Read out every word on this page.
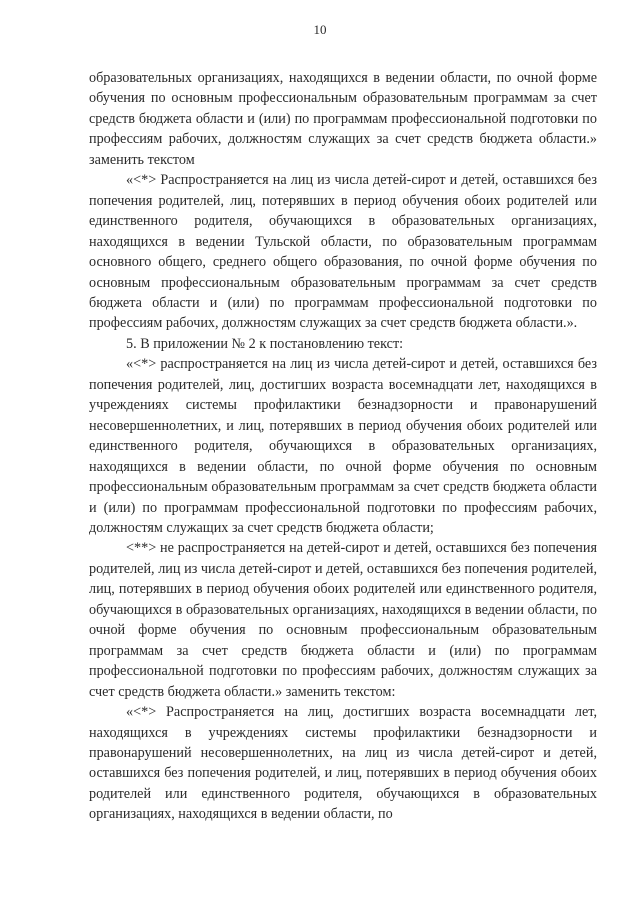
10

образовательных организациях, находящихся в ведении области, по очной форме обучения по основным профессиональным образовательным программам за счет средств бюджета области и (или) по программам профессиональной подготовки по профессиям рабочих, должностям служащих за счет средств бюджета области.» заменить текстом

«<*> Распространяется на лиц из числа детей-сирот и детей, оставшихся без попечения родителей, лиц, потерявших в период обучения обоих родителей или единственного родителя, обучающихся в образовательных организациях, находящихся в ведении Тульской области, по образовательным программам основного общего, среднего общего образования, по очной форме обучения по основным профессиональным образовательным программам за счет средств бюджета области и (или) по программам профессиональной подготовки по профессиям рабочих, должностям служащих за счет средств бюджета области.».

5. В приложении № 2 к постановлению текст:

«<*> распространяется на лиц из числа детей-сирот и детей, оставшихся без попечения родителей, лиц, достигших возраста восемнадцати лет, находящихся в учреждениях системы профилактики безнадзорности и правонарушений несовершеннолетних, и лиц, потерявших в период обучения обоих родителей или единственного родителя, обучающихся в образовательных организациях, находящихся в ведении области, по очной форме обучения по основным профессиональным образовательным программам за счет средств бюджета области и (или) по программам профессиональной подготовки по профессиям рабочих, должностям служащих за счет средств бюджета области;

<**> не распространяется на детей-сирот и детей, оставшихся без попечения родителей, лиц из числа детей-сирот и детей, оставшихся без попечения родителей, лиц, потерявших в период обучения обоих родителей или единственного родителя, обучающихся в образовательных организациях, находящихся в ведении области, по очной форме обучения по основным профессиональным образовательным программам за счет средств бюджета области и (или) по программам профессиональной подготовки по профессиям рабочих, должностям служащих за счет средств бюджета области.» заменить текстом:

«<*> Распространяется на лиц, достигших возраста восемнадцати лет, находящихся в учреждениях системы профилактики безнадзорности и правонарушений несовершеннолетних, на лиц из числа детей-сирот и детей, оставшихся без попечения родителей, и лиц, потерявших в период обучения обоих родителей или единственного родителя, обучающихся в образовательных организациях, находящихся в ведении области, по
